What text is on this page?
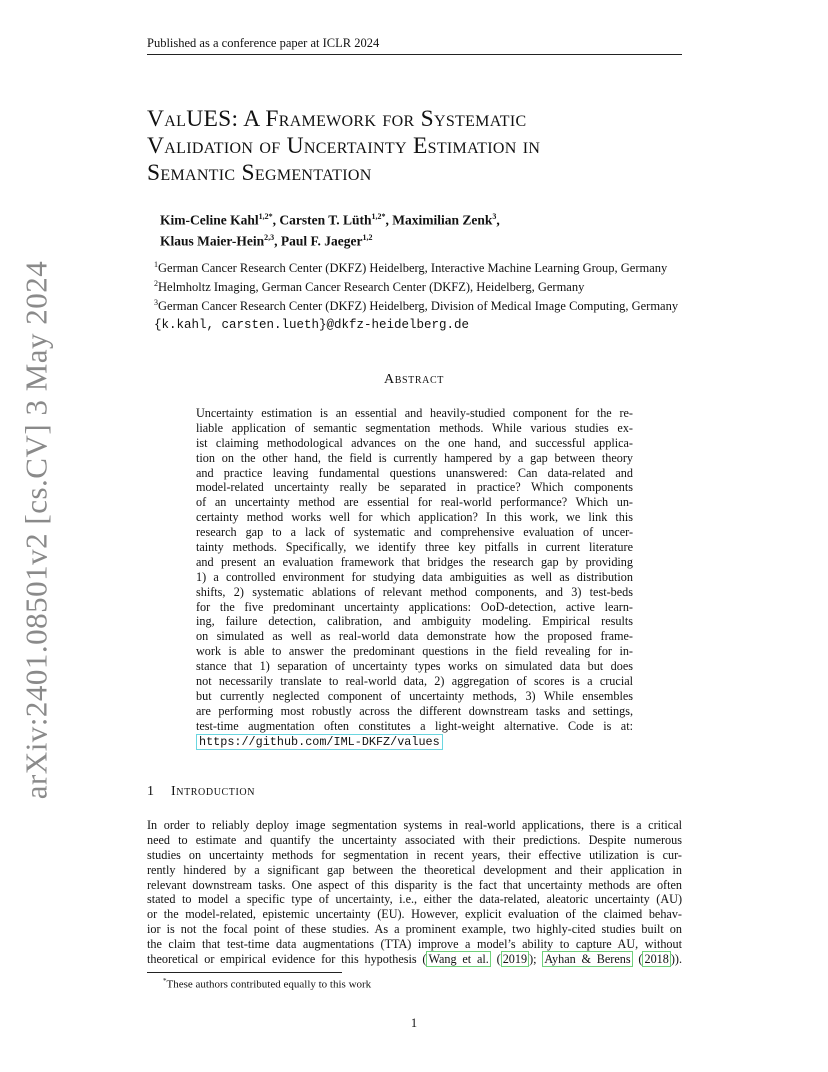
Published as a conference paper at ICLR 2024
arXiv:2401.08501v2 [cs.CV] 3 May 2024
ValUES: A Framework for Systematic
Validation of Uncertainty Estimation in
Semantic Segmentation
Kim-Celine Kahl$^{1,2*}$, Carsten T. Lüth$^{1,2*}$, Maximilian Zenk$^3$,
Klaus Maier-Hein$^{2,3}$, Paul F. Jaeger$^{1,2}$
$^1$German Cancer Research Center (DKFZ) Heidelberg, Interactive Machine Learning Group, Germany
$^2$Helmholtz Imaging, German Cancer Research Center (DKFZ), Heidelberg, Germany
$^3$German Cancer Research Center (DKFZ) Heidelberg, Division of Medical Image Computing, Germany
{k.kahl, carsten.lueth}@dkfz-heidelberg.de
Abstract
Uncertainty estimation is an essential and heavily-studied component for the re-
liable application of semantic segmentation methods. While various studies ex-
ist claiming methodological advances on the one hand, and successful applica-
tion on the other hand, the field is currently hampered by a gap between theory
and practice leaving fundamental questions unanswered: Can data-related and
model-related uncertainty really be separated in practice? Which components
of an uncertainty method are essential for real-world performance? Which un-
certainty method works well for which application? In this work, we link this
research gap to a lack of systematic and comprehensive evaluation of uncer-
tainty methods. Specifically, we identify three key pitfalls in current literature
and present an evaluation framework that bridges the research gap by providing
1) a controlled environment for studying data ambiguities as well as distribution
shifts, 2) systematic ablations of relevant method components, and 3) test-beds
for the five predominant uncertainty applications: OoD-detection, active learn-
ing, failure detection, calibration, and ambiguity modeling. Empirical results
on simulated as well as real-world data demonstrate how the proposed frame-
work is able to answer the predominant questions in the field revealing for in-
stance that 1) separation of uncertainty types works on simulated data but does
not necessarily translate to real-world data, 2) aggregation of scores is a crucial
but currently neglected component of uncertainty methods, 3) While ensembles
are performing most robustly across the different downstream tasks and settings,
test-time augmentation often constitutes a light-weight alternative. Code is at:
https://github.com/IML-DKFZ/values
1 Introduction
In order to reliably deploy image segmentation systems in real-world applications, there is a critical
need to estimate and quantify the uncertainty associated with their predictions. Despite numerous
studies on uncertainty methods for segmentation in recent years, their effective utilization is cur-
rently hindered by a significant gap between the theoretical development and their application in
relevant downstream tasks. One aspect of this disparity is the fact that uncertainty methods are often
stated to model a specific type of uncertainty, i.e., either the data-related, aleatoric uncertainty (AU)
or the model-related, epistemic uncertainty (EU). However, explicit evaluation of the claimed behav-
ior is not the focal point of these studies. As a prominent example, two highly-cited studies built on
the claim that test-time data augmentations (TTA) improve a model’s ability to capture AU, without
theoretical or empirical evidence for this hypothesis ( Wang et al. ( 2019 ); Ayhan & Berens ( 2018 )).
*These authors contributed equally to this work
1
